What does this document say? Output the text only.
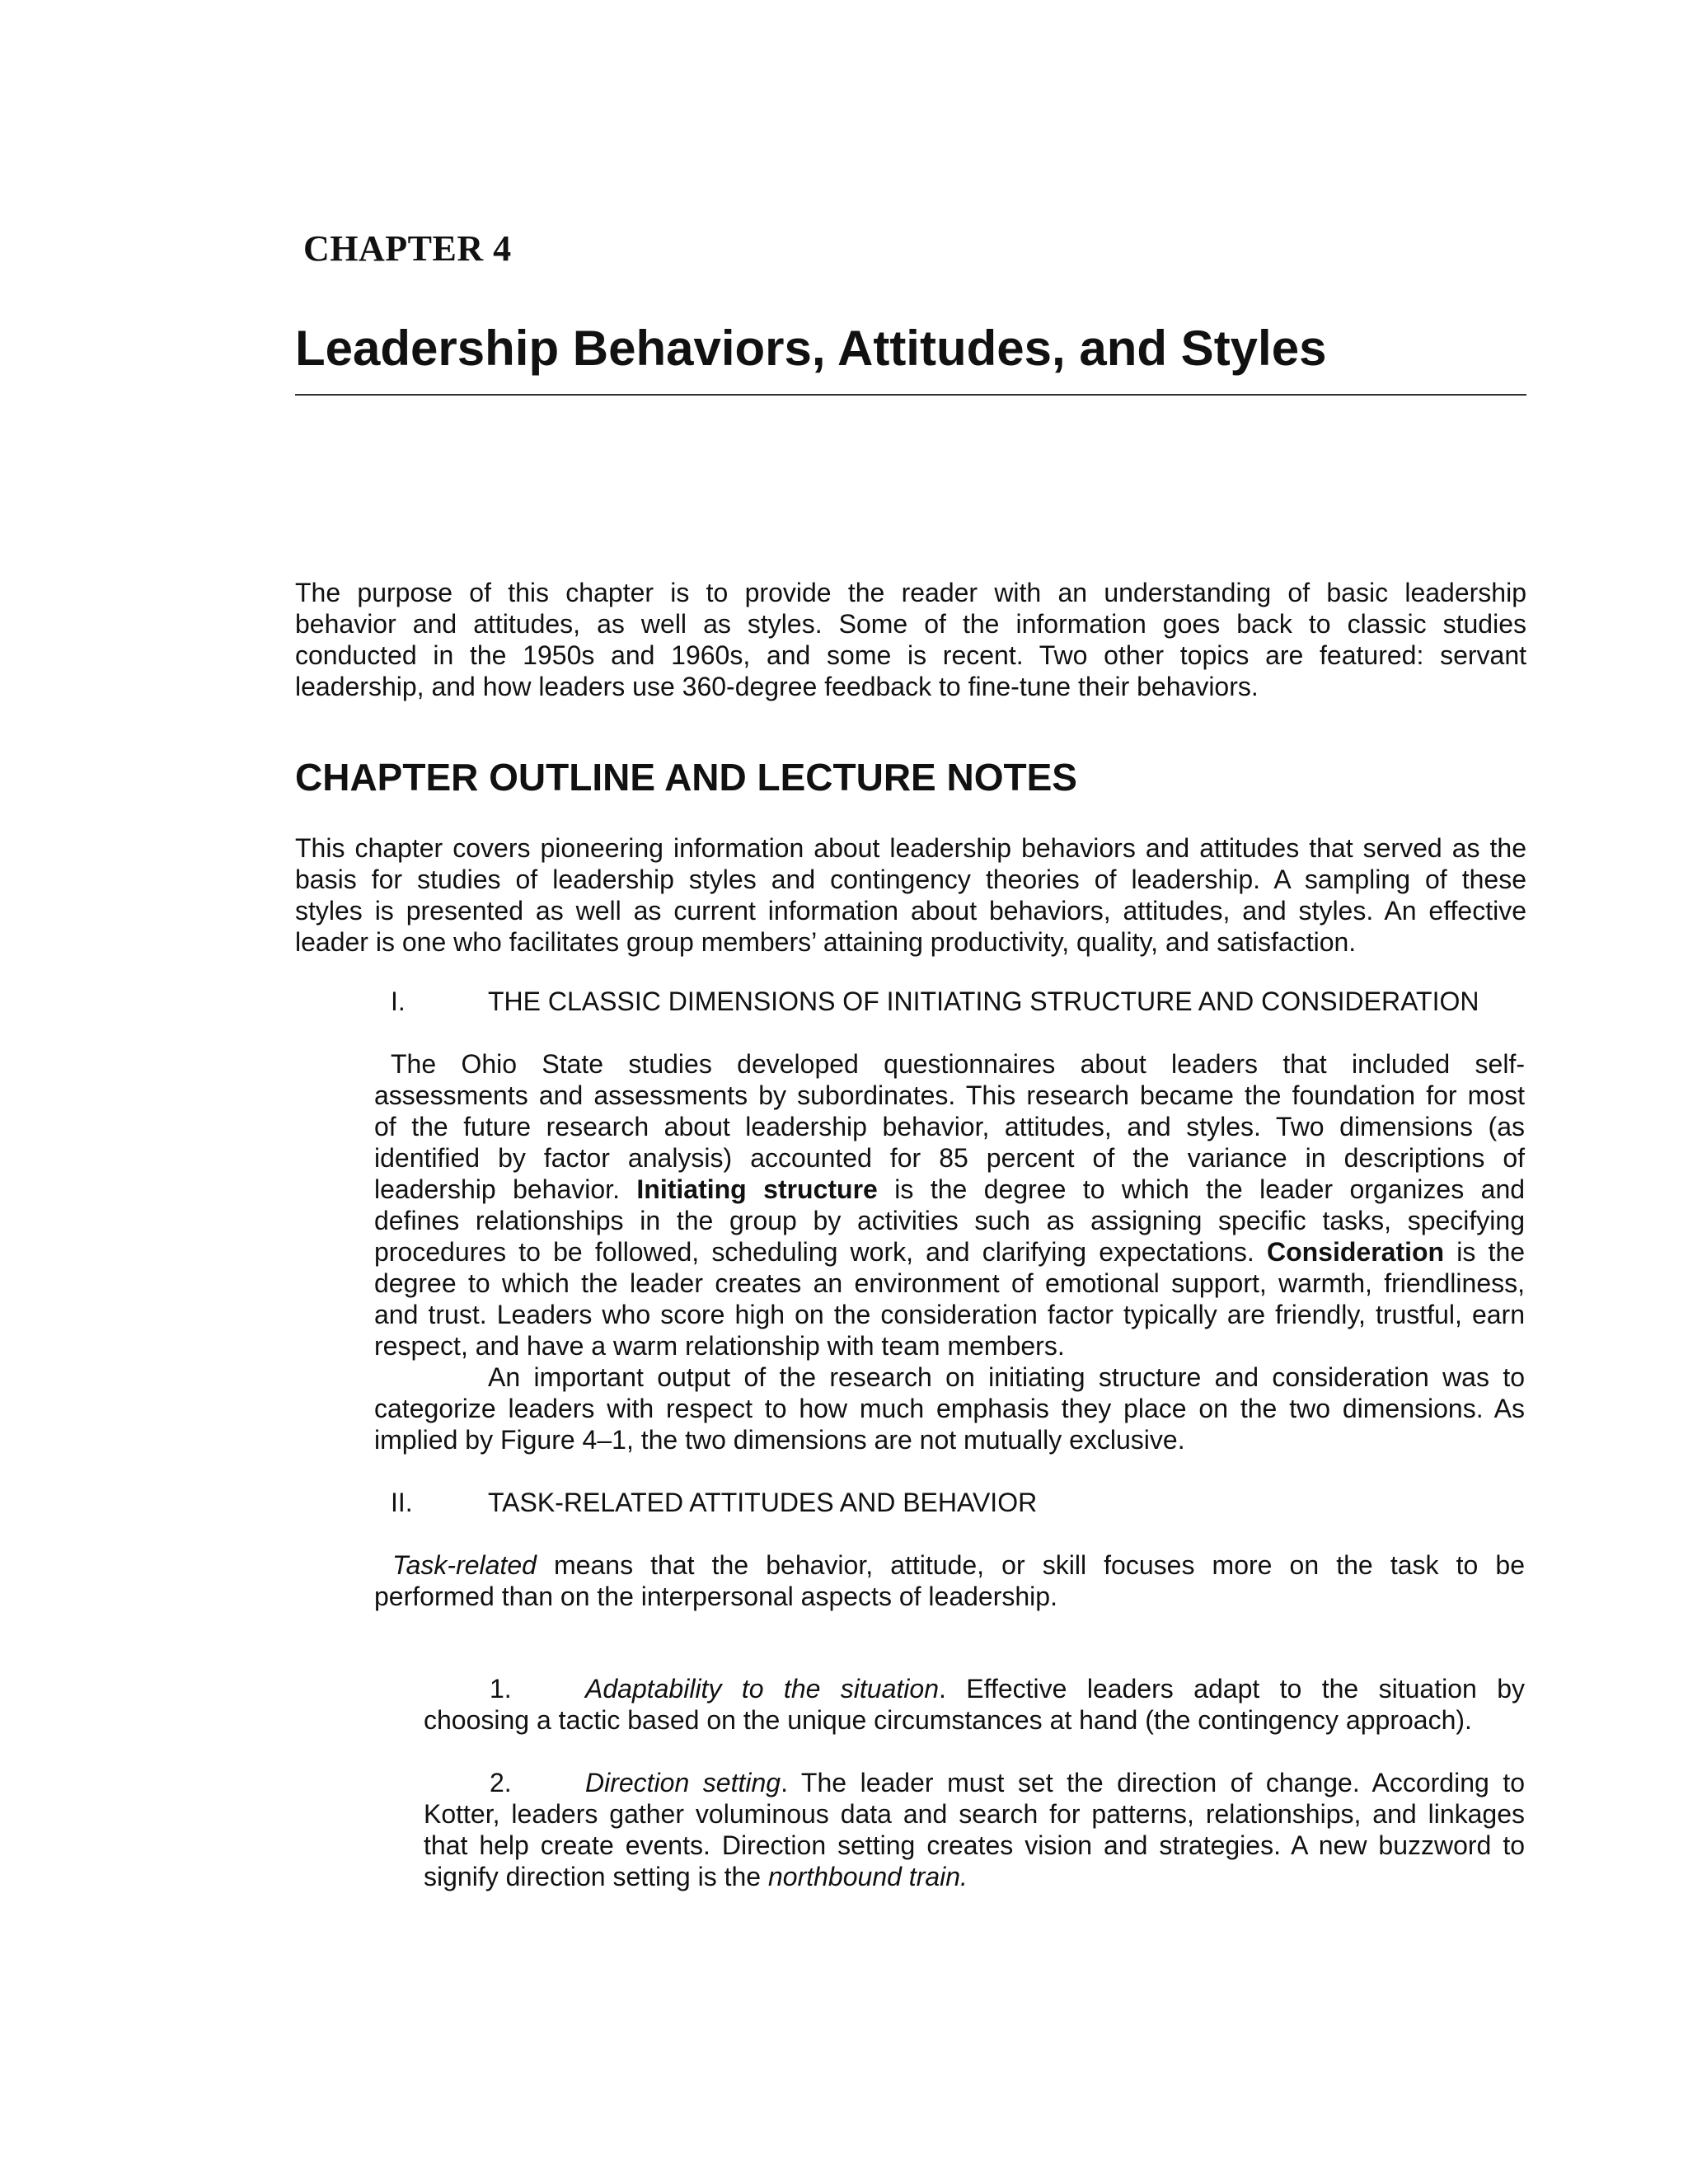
CHAPTER 4
Leadership Behaviors, Attitudes, and Styles
The purpose of this chapter is to provide the reader with an understanding of basic leadership
behavior and attitudes, as well as styles. Some of the information goes back to classic studies
conducted in the 1950s and 1960s, and some is recent. Two other topics are featured: servant
leadership, and how leaders use 360-degree feedback to fine-tune their behaviors.
CHAPTER OUTLINE AND LECTURE NOTES
This chapter covers pioneering information about leadership behaviors and attitudes that served as the
basis for studies of leadership styles and contingency theories of leadership. A sampling of these
styles is presented as well as current information about behaviors, attitudes, and styles. An effective
leader is one who facilitates group members’ attaining productivity, quality, and satisfaction.
I.	THE CLASSIC DIMENSIONS OF INITIATING STRUCTURE AND CONSIDERATION
The Ohio State studies developed questionnaires about leaders that included self-
assessments and assessments by subordinates. This research became the foundation for most
of the future research about leadership behavior, attitudes, and styles. Two dimensions (as
identified by factor analysis) accounted for 85 percent of the variance in descriptions of
leadership behavior. Initiating structure is the degree to which the leader organizes and
defines relationships in the group by activities such as assigning specific tasks, specifying
procedures to be followed, scheduling work, and clarifying expectations. Consideration is the
degree to which the leader creates an environment of emotional support, warmth, friendliness,
and trust. Leaders who score high on the consideration factor typically are friendly, trustful, earn
respect, and have a warm relationship with team members.
An important output of the research on initiating structure and consideration was to
categorize leaders with respect to how much emphasis they place on the two dimensions. As
implied by Figure 4–1, the two dimensions are not mutually exclusive.
II.	TASK-RELATED ATTITUDES AND BEHAVIOR
Task-related means that the behavior, attitude, or skill focuses more on the task to be
performed than on the interpersonal aspects of leadership.
1.	Adaptability to the situation. Effective leaders adapt to the situation by
choosing a tactic based on the unique circumstances at hand (the contingency approach).
2.	Direction setting. The leader must set the direction of change. According to
Kotter, leaders gather voluminous data and search for patterns, relationships, and linkages
that help create events. Direction setting creates vision and strategies. A new buzzword to
signify direction setting is the northbound train.
